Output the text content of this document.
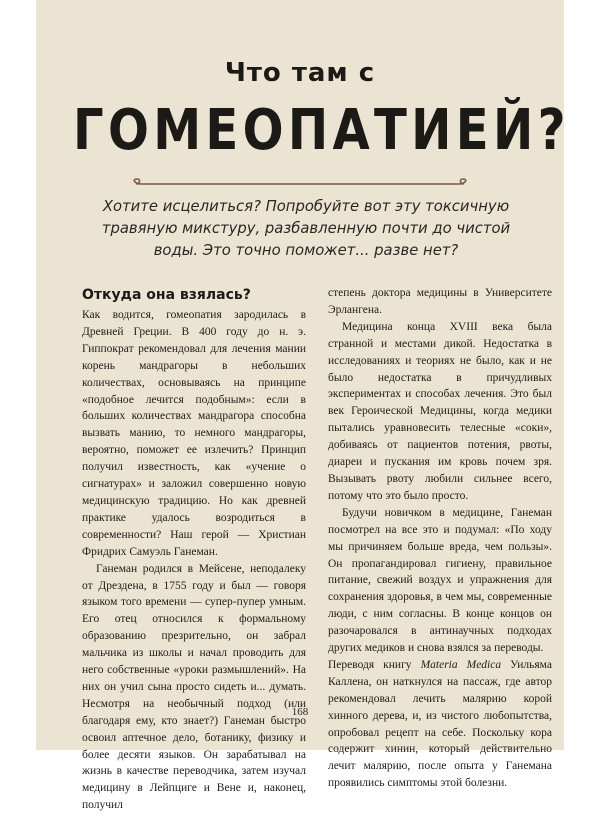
Что там с
ГОМЕОПАТИЕЙ?
Хотите исцелиться? Попробуйте вот эту токсичную травяную микстуру, разбавленную почти до чистой воды. Это точно поможет... разве нет?
Откуда она взялась?

Как водится, гомеопатия зародилась в Древней Греции. В 400 году до н. э. Гиппократ рекомендовал для лечения мании корень мандрагоры в небольших количествах, основываясь на принципе «подобное лечится подобным»: если в больших количествах мандрагора способна вызвать манию, то немного мандрагоры, вероятно, поможет ее излечить? Принцип получил известность, как «учение о сигнатурах» и заложил совершенно новую медицинскую традицию. Но как древней практике удалось возродиться в современности? Наш герой — Христиан Фридрих Самуэль Ганеман.

Ганеман родился в Мейсене, неподалеку от Дрездена, в 1755 году и был — говоря языком того времени — супер-пупер умным. Его отец относился к формальному образованию презрительно, он забрал мальчика из школы и начал проводить для него собственные «уроки размышлений». На них он учил сына просто сидеть и... думать. Несмотря на необычный подход (или благодаря ему, кто знает?) Ганеман быстро освоил аптечное дело, ботанику, физику и более десяти языков. Он зарабатывал на жизнь в качестве переводчика, затем изучал медицину в Лейпциге и Вене и, наконец, получил

степень доктора медицины в Университете Эрлангена.

Медицина конца XVIII века была странной и местами дикой. Недостатка в исследованиях и теориях не было, как и не было недостатка в причудливых экспериментах и способах лечения. Это был век Героической Медицины, когда медики пытались уравновесить телесные «соки», добиваясь от пациентов потения, рвоты, диареи и пускания им кровь почем зря. Вызывать рвоту любили сильнее всего, потому что это было просто.

Будучи новичком в медицине, Ганеман посмотрел на все это и подумал: «По ходу мы причиняем больше вреда, чем пользы». Он пропагандировал гигиену, правильное питание, свежий воздух и упражнения для сохранения здоровья, в чем мы, современные люди, с ним согласны. В конце концов он разочаровался в антинаучных подходах других медиков и снова взялся за переводы.

Переводя книгу Materia Medica Уильяма Каллена, он наткнулся на пассаж, где автор рекомендовал лечить малярию корой хинного дерева, и, из чистого любопытства, опробовал рецепт на себе. Поскольку кора содержит хинин, который действительно лечит малярию, после опыта у Ганемана проявились симптомы этой болезни.

168
